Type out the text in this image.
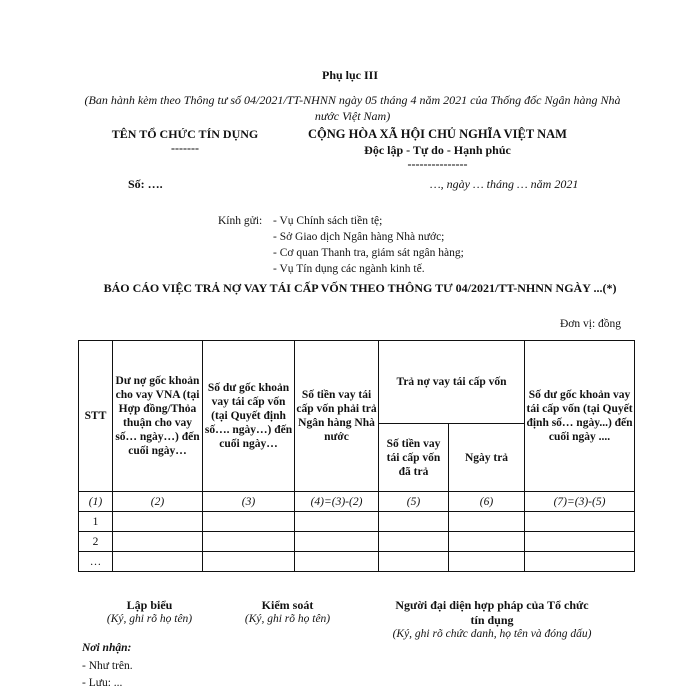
Phụ lục III
(Ban hành kèm theo Thông tư số 04/2021/TT-NHNN ngày 05 tháng 4 năm 2021 của Thống đốc Ngân hàng Nhà nước Việt Nam)
TÊN TỔ CHỨC TÍN DỤNG
-------
CỘNG HÒA XÃ HỘI CHỦ NGHĨA VIỆT NAM
Độc lập - Tự do - Hạnh phúc
---------------
Số: ….	…, ngày … tháng … năm 2021
Kính gửi: - Vụ Chính sách tiền tệ;
- Sở Giao dịch Ngân hàng Nhà nước;
- Cơ quan Thanh tra, giám sát ngân hàng;
- Vụ Tín dụng các ngành kinh tế.
BÁO CÁO VIỆC TRẢ NỢ VAY TÁI CẤP VỐN THEO THÔNG TƯ 04/2021/TT-NHNN NGÀY ...(*)
Đơn vị: đồng
STT	Dư nợ gốc khoản cho vay VNA (tại Hợp đồng/Thỏa thuận cho vay số… ngày…) đến cuối ngày…	Số dư gốc khoản vay tái cấp vốn (tại Quyết định số…. ngày…) đến cuối ngày…	Số tiền vay tái cấp vốn phải trả Ngân hàng Nhà nước	Trả nợ vay tái cấp vốn		Số dư gốc khoản vay tái cấp vốn (tại Quyết định số… ngày...) đến cuối ngày ....
				Số tiền vay tái cấp vốn đã trả	Ngày trả	
(1)	(2)	(3)	(4)=(3)-(2)	(5)	(6)	(7)=(3)-(5)
1						
2						
…						
Lập biểu
(Ký, ghi rõ họ tên)
Kiểm soát
(Ký, ghi rõ họ tên)
Người đại diện hợp pháp của Tổ chức tín dụng
(Ký, ghi rõ chức danh, họ tên và đóng dấu)
Nơi nhận:
- Như trên.
- Lưu: ...
